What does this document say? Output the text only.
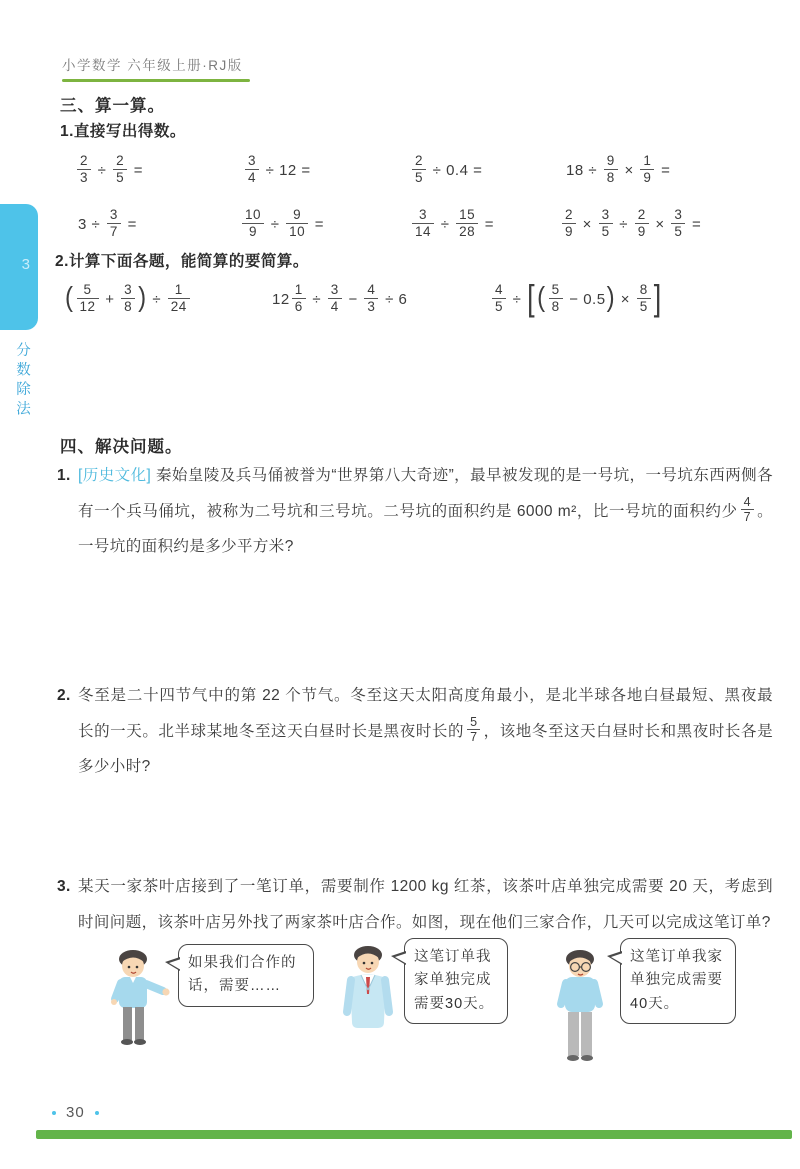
小学数学 六年级上册·RJ版
3
分数除法
三、算一算。
1.直接写出得数。
$\frac{2}{3} \div \frac{2}{5}$ =	$\frac{3}{4} \div 12$ =	$\frac{2}{5} \div 0.4$ =	$18 \div \frac{9}{8} \times \frac{1}{9}$ =
$3 \div \frac{3}{7}$ =	$\frac{10}{9} \div \frac{9}{10}$ =	$\frac{3}{14} \div \frac{15}{28}$ =	$\frac{2}{9} \times \frac{3}{5} \div \frac{2}{9} \times \frac{3}{5}$ =
2.计算下面各题，能简算的要简算。
( $\frac{5}{12} + \frac{3}{8}$ ) ÷ $\frac{1}{24}$	$12 \frac{1}{6} \div \frac{3}{4} - \frac{4}{3} \div 6$	$\frac{4}{5}$ ÷ [( $\frac{5}{8} - 0.5) \times \frac{8}{5}$ ]
四、解决问题。
1. [历史文化] 秦始皇陵及兵马俑被誉为“世界第八大奇迹”，最早被发现的是一号坑，一号坑东西两侧各有一个兵马俑坑，被称为二号坑和三号坑。二号坑的面积约是 6000 m²，比一号坑的面积约少 $\frac{4}{7}$ 。一号坑的面积约是多少平方米?
2. 冬至是二十四节气中的第 22 个节气。冬至这天太阳高度角最小，是北半球各地白昼最短、黑夜最长的一天。北半球某地冬至这天白昼时长是黑夜时长的 $\frac{5}{7}$ ，该地冬至这天白昼时长和黑夜时长各是多少小时?
3. 某天一家茶叶店接到了一笔订单，需要制作 1200 kg 红茶，该茶叶店单独完成需要 20 天，考虑到时间问题，该茶叶店另外找了两家茶叶店合作。如图，现在他们三家合作，几天可以完成这笔订单?
如果我们合作的话，需要……
这笔订单我家单独完成需要30天。
这笔订单我家单独完成需要40天。
30
